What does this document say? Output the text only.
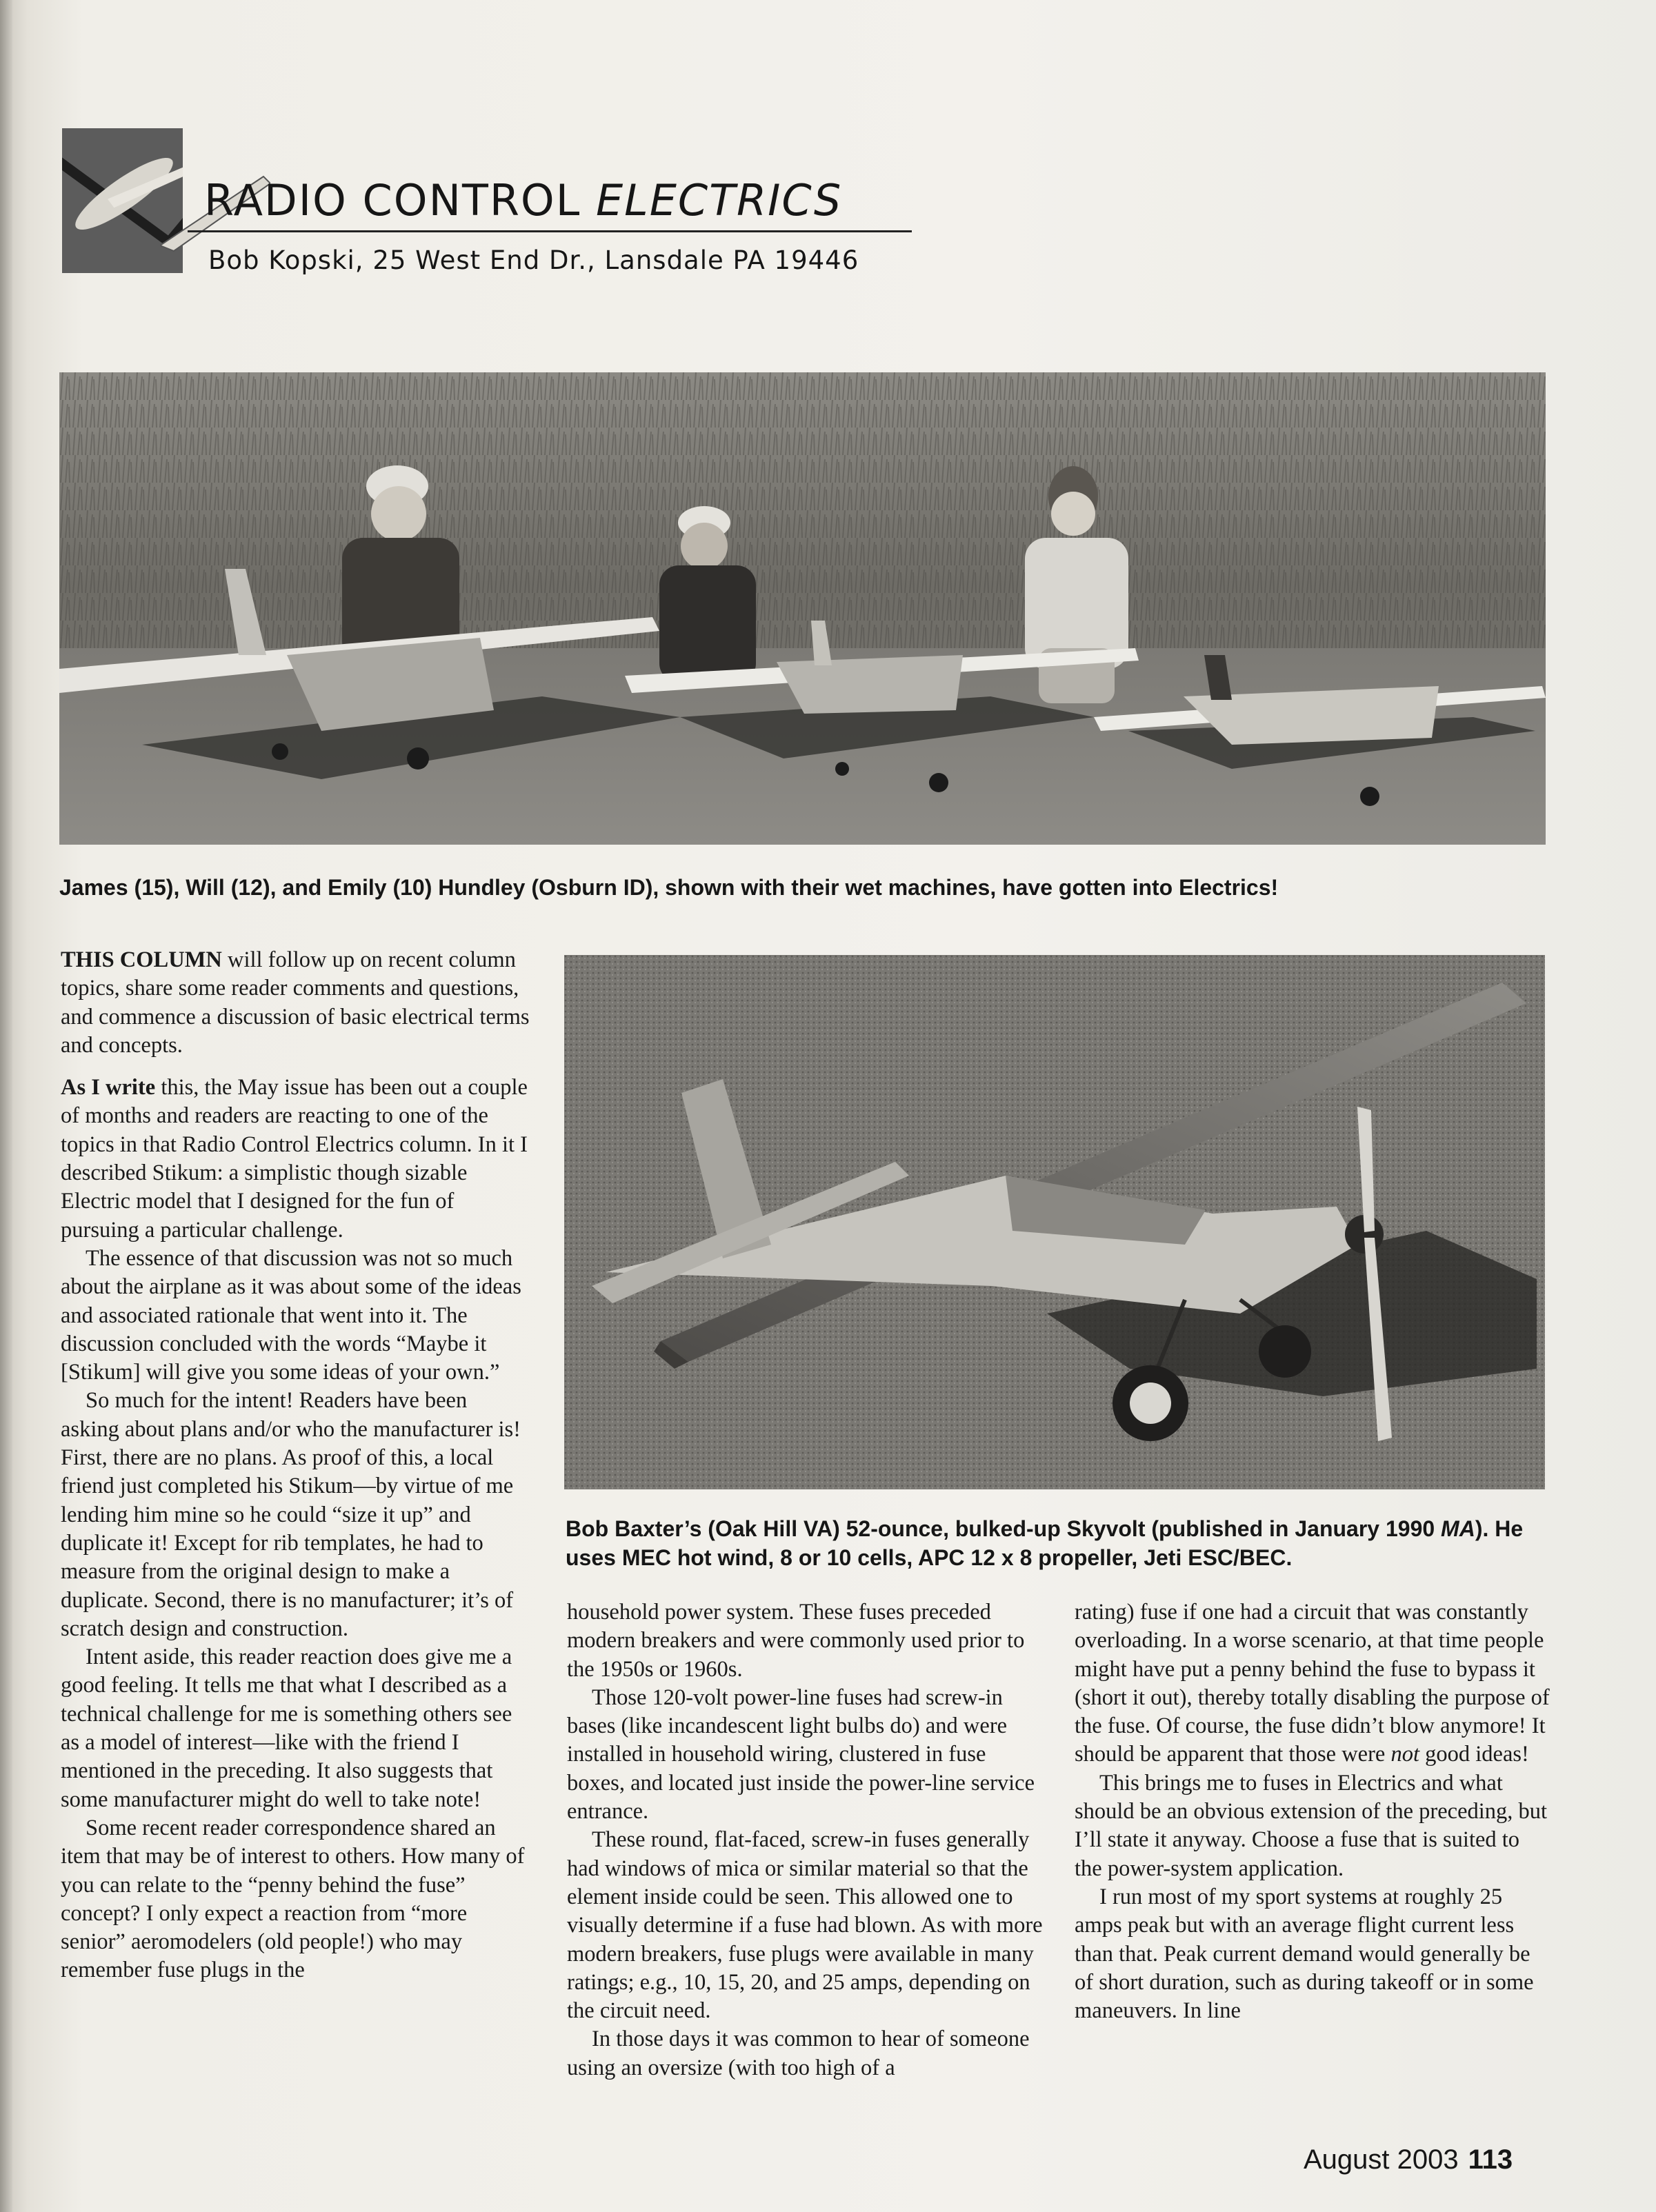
RADIO CONTROL ELECTRICS
Bob Kopski, 25 West End Dr., Lansdale PA 19446
James (15), Will (12), and Emily (10) Hundley (Osburn ID), shown with their wet machines, have gotten into Electrics!
Bob Baxter’s (Oak Hill VA) 52-ounce, bulked-up Skyvolt (published in January 1990 MA). He uses MEC hot wind, 8 or 10 cells, APC 12 x 8 propeller, Jeti ESC/BEC.

THIS COLUMN will follow up on recent column topics, share some reader comments and questions, and commence a discussion of basic electrical terms and concepts.

As I write this, the May issue has been out a couple of months and readers are reacting to one of the topics in that Radio Control Electrics column. In it I described Stikum: a simplistic though sizable Electric model that I designed for the fun of pursuing a particular challenge.

The essence of that discussion was not so much about the airplane as it was about some of the ideas and associated rationale that went into it. The discussion concluded with the words “Maybe it [Stikum] will give you some ideas of your own.”

So much for the intent! Readers have been asking about plans and/or who the manufacturer is! First, there are no plans. As proof of this, a local friend just completed his Stikum—by virtue of me lending him mine so he could “size it up” and duplicate it! Except for rib templates, he had to measure from the original design to make a duplicate. Second, there is no manufacturer; it’s of scratch design and construction.

Intent aside, this reader reaction does give me a good feeling. It tells me that what I described as a technical challenge for me is something others see as a model of interest—like with the friend I mentioned in the preceding. It also suggests that some manufacturer might do well to take note!

Some recent reader correspondence shared an item that may be of interest to others. How many of you can relate to the “penny behind the fuse” concept? I only expect a reaction from “more senior” aeromodelers (old people!) who may remember fuse plugs in the

household power system. These fuses preceded modern breakers and were commonly used prior to the 1950s or 1960s.

Those 120-volt power-line fuses had screw-in bases (like incandescent light bulbs do) and were installed in household wiring, clustered in fuse boxes, and located just inside the power-line service entrance.

These round, flat-faced, screw-in fuses generally had windows of mica or similar material so that the element inside could be seen. This allowed one to visually determine if a fuse had blown. As with more modern breakers, fuse plugs were available in many ratings; e.g., 10, 15, 20, and 25 amps, depending on the circuit need.

In those days it was common to hear of someone using an oversize (with too high of a

rating) fuse if one had a circuit that was constantly overloading. In a worse scenario, at that time people might have put a penny behind the fuse to bypass it (short it out), thereby totally disabling the purpose of the fuse. Of course, the fuse didn’t blow anymore! It should be apparent that those were not good ideas!

This brings me to fuses in Electrics and what should be an obvious extension of the preceding, but I’ll state it anyway. Choose a fuse that is suited to the power-system application.

I run most of my sport systems at roughly 25 amps peak but with an average flight current less than that. Peak current demand would generally be of short duration, such as during takeoff or in some maneuvers. In line

August 2003 113
